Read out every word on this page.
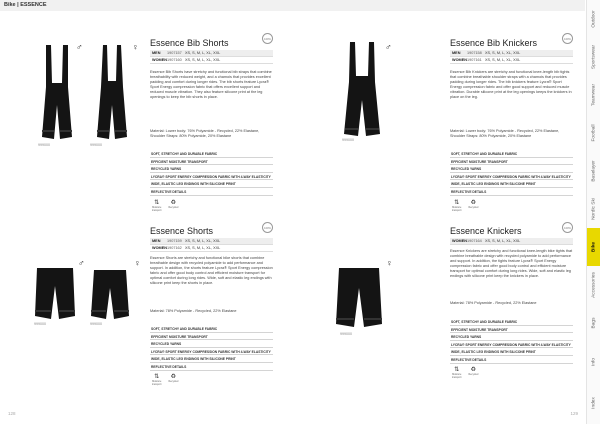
Bike | ESSENCE
Outdoor
Sportswear
Teamwear
Football
Baselayer
Nordic Ski
Bike
Accessories
Bags
Info
Index
999000
♂
999000
♀ Essence Bib Shorts	100%
MEN	1907157 XS, S, M, L, XL, XXL
WOMEN 1907160 XS, S, M, L, XL, XXL
Essence Bib Shorts have stretchy and functional bib straps that combine breathability with reduced weight, and a chamois that provides excellent padding and comfort during longer rides. The bib shorts feature Lycra® Sport Energy compression fabric that offers excellent support and reduced muscle vibration. They also feature silicone print at the leg openings to keep the bib shorts in place.
Material: Lower body: 76% Polyamide - Recycled, 22% Elastane, Shoulder Straps: 80% Polyamide, 20% Elastane
SOFT, STRETCHY AND DURABLE FABRIC
EFFICIENT MOISTURE TRANSPORT
RECYCLED YARNS
LYCRA® SPORT ENERGY COMPRESSION FABRIC WITH 4-WAY ELASTICITY
WIDE, ELASTIC LEG ENDINGS WITH SILICONE PRINT
REFLECTIVE DETAILS
⇅
Moisture
transport
♻
Recycled
999000
♂	Essence Bib Knickers	100%
MEN	1907158 XS, S, M, L, XL, XXL
WOMEN 1907161 XS, S, M, L, XL, XXL
Essence Bib Knickers are stretchy and functional knee-length bib tights that combine breathable shoulder straps with a chamois that provides padding during longer rides. The bib knickers feature Lycra® Sport Energy compression fabric and offer good support and reduced muscle vibration. Durable silicone print at the leg openings keeps the knickers in place on the leg.
Material: Lower body: 76% Polyamide - Recycled, 22% Elastane, Shoulder Straps: 80% Polyamide, 20% Elastane
SOFT, STRETCHY AND DURABLE FABRIC
EFFICIENT MOISTURE TRANSPORT
RECYCLED YARNS
LYCRA® SPORT ENERGY COMPRESSION FABRIC WITH 4-WAY ELASTICITY
WIDE, ELASTIC LEG ENDINGS WITH SILICONE PRINT
REFLECTIVE DETAILS
⇅
Moisture
transport
♻
Recycled
999000
♂
999000
♀
Essence Shorts	100%
MEN	1907159 XS, S, M, L, XL, XXL
WOMEN 1907162 XS, S, M, L, XL, XXL
Essence Shorts are stretchy and functional bike shorts that combine breathable design with recycled polyamide to add performance and support. In addition, the shorts feature Lycra® Sport Energy compression fabric and offer good body control and efficient moisture transport for optimal comfort during long rides. Wide, soft and elastic leg endings with silicone print keep the shorts in place.
Material: 78% Polyamide - Recycled, 22% Elastane
SOFT, STRETCHY AND DURABLE FABRIC
EFFICIENT MOISTURE TRANSPORT
RECYCLED YARNS
LYCRA® SPORT ENERGY COMPRESSION FABRIC WITH 4-WAY ELASTICITY
WIDE, ELASTIC LEG ENDINGS WITH SILICONE PRINT
REFLECTIVE DETAILS
⇅
Moisture
transport
♻
Recycled
999000
♀
Essence Knickers	100%
WOMEN 1907164 XS, S, M, L, XL, XXL
Essence Knickers are stretchy and functional knee-length bike tights that combine breathable design with recycled polyamide to add performance and support. In addition, the tights feature Lycra® Sport Energy compression fabric and offer good body control and efficient moisture transport for optimal comfort during long rides. Wide, soft and elastic leg endings with silicone print keep the knickers in place.
Material: 78% Polyamide - Recycled, 22% Elastane
SOFT, STRETCHY AND DURABLE FABRIC
EFFICIENT MOISTURE TRANSPORT
RECYCLED YARNS
LYCRA® SPORT ENERGY COMPRESSION FABRIC WITH 4-WAY ELASTICITY
WIDE, ELASTIC LEG ENDINGS WITH SILICONE PRINT
REFLECTIVE DETAILS
⇅
Moisture
transport
♻
Recycled
128	129
